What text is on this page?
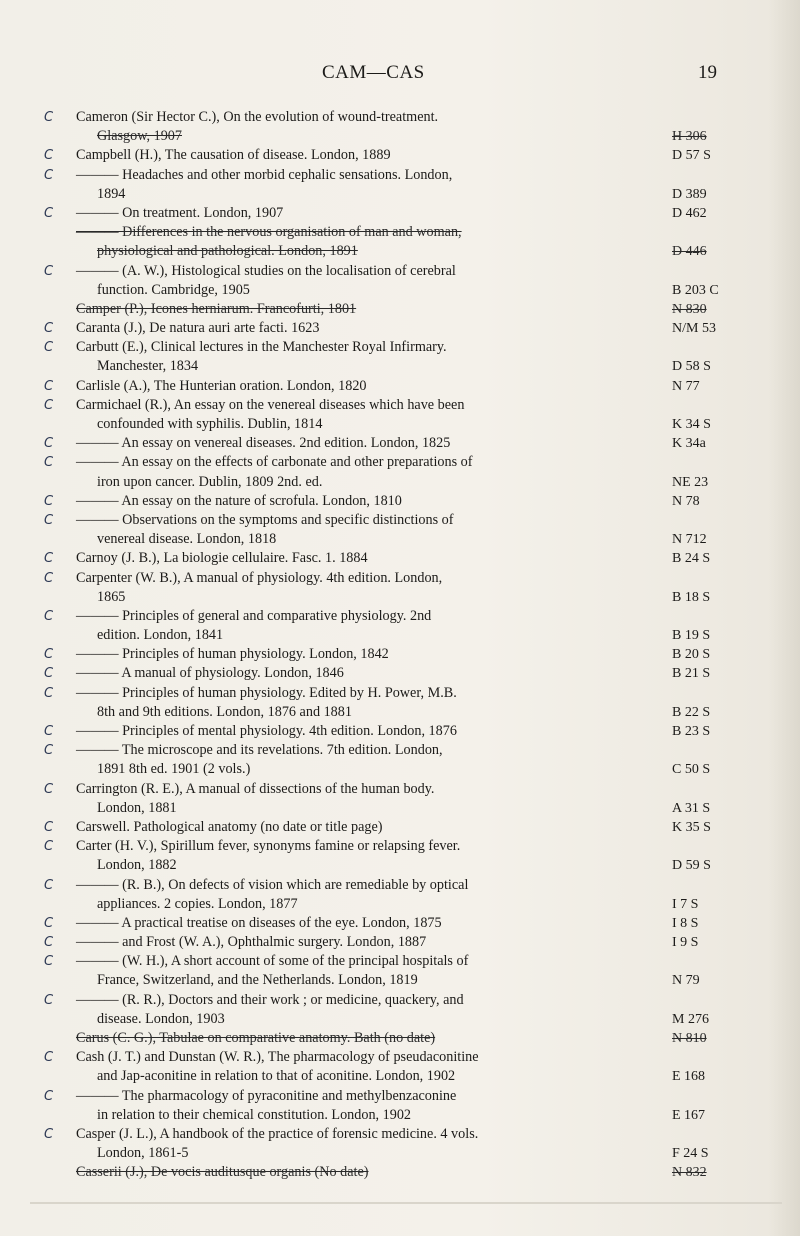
CAM—CAS	19
C	Cameron (Sir Hector C.), On the evolution of wound-treatment.
Glasgow, 1907	H 306
C	Campbell (H.), The causation of disease. London, 1889	D 57 S
C	——— Headaches and other morbid cephalic sensations. London,
1894	D 389
C	——— On treatment. London, 1907	D 462
——— Differences in the nervous organisation of man and woman,
physiological and pathological. London, 1891	D 446
C	——— (A. W.), Histological studies on the localisation of cerebral
function. Cambridge, 1905	B 203 C
Camper (P.), Icones herniarum. Francofurti, 1801	N 830
C	Caranta (J.), De natura auri arte facti. 1623	N/M 53
C	Carbutt (E.), Clinical lectures in the Manchester Royal Infirmary.
Manchester, 1834	D 58 S
C	Carlisle (A.), The Hunterian oration. London, 1820	N 77
C	Carmichael (R.), An essay on the venereal diseases which have been
confounded with syphilis. Dublin, 1814	K 34 S
C	——— An essay on venereal diseases. 2nd edition. London, 1825	K 34a
C	——— An essay on the effects of carbonate and other preparations of
iron upon cancer. Dublin, 1809 2nd. ed.	NE 23
C	——— An essay on the nature of scrofula. London, 1810	N 78
C	——— Observations on the symptoms and specific distinctions of
venereal disease. London, 1818	N 712
C	Carnoy (J. B.), La biologie cellulaire. Fasc. 1. 1884	B 24 S
C	Carpenter (W. B.), A manual of physiology. 4th edition. London,
1865	B 18 S
C	——— Principles of general and comparative physiology. 2nd
edition. London, 1841	B 19 S
C	——— Principles of human physiology. London, 1842	B 20 S
C	——— A manual of physiology. London, 1846	B 21 S
C	——— Principles of human physiology. Edited by H. Power, M.B.
8th and 9th editions. London, 1876 and 1881	B 22 S
C	——— Principles of mental physiology. 4th edition. London, 1876	B 23 S
C	——— The microscope and its revelations. 7th edition. London,
1891 8th ed. 1901 (2 vols.)	C 50 S
C	Carrington (R. E.), A manual of dissections of the human body.
London, 1881	A 31 S
C	Carswell. Pathological anatomy (no date or title page)	K 35 S
C	Carter (H. V.), Spirillum fever, synonyms famine or relapsing fever.
London, 1882	D 59 S
C	——— (R. B.), On defects of vision which are remediable by optical
appliances. 2 copies. London, 1877	I 7 S
C	——— A practical treatise on diseases of the eye. London, 1875	I 8 S
C	——— and Frost (W. A.), Ophthalmic surgery. London, 1887	I 9 S
C	——— (W. H.), A short account of some of the principal hospitals of
France, Switzerland, and the Netherlands. London, 1819	N 79
C	——— (R. R.), Doctors and their work ; or medicine, quackery, and
disease. London, 1903	M 276
Carus (C. G.), Tabulae on comparative anatomy. Bath (no date)	N 810
C	Cash (J. T.) and Dunstan (W. R.), The pharmacology of pseudaconitine
and Jap-aconitine in relation to that of aconitine. London, 1902	E 168
C	——— The pharmacology of pyraconitine and methylbenzaconine
in relation to their chemical constitution. London, 1902	E 167
C	Casper (J. L.), A handbook of the practice of forensic medicine. 4 vols.
London, 1861-5	F 24 S
Casserii (J.), De vocis auditusque organis (No date)	N 832
